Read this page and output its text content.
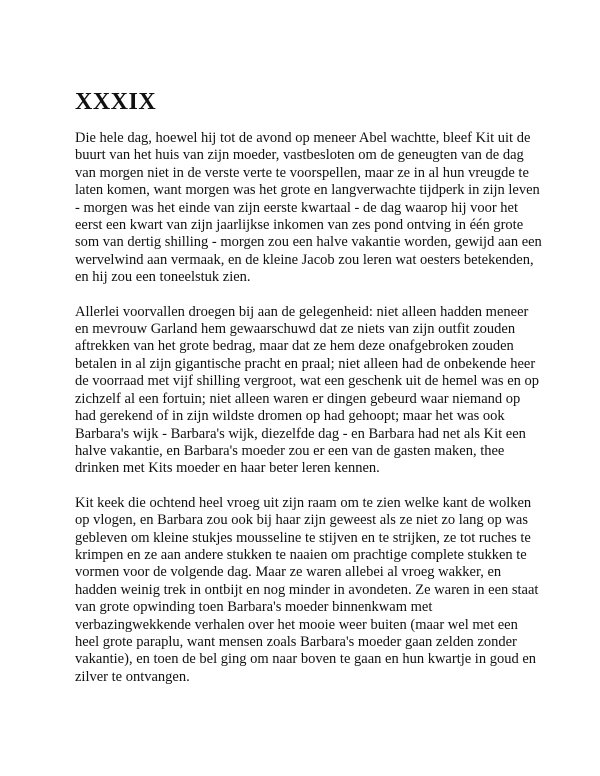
XXXIX

Die hele dag, hoewel hij tot de avond op meneer Abel wachtte, bleef Kit uit de buurt van het huis van zijn moeder, vastbesloten om de geneugten van de dag van morgen niet in de verste verte te voorspellen, maar ze in al hun vreugde te laten komen, want morgen was het grote en langverwachte tijdperk in zijn leven - morgen was het einde van zijn eerste kwartaal - de dag waarop hij voor het eerst een kwart van zijn jaarlijkse inkomen van zes pond ontving in één grote som van dertig shilling - morgen zou een halve vakantie worden, gewijd aan een wervelwind aan vermaak, en de kleine Jacob zou leren wat oesters betekenden, en hij zou een toneelstuk zien.

Allerlei voorvallen droegen bij aan de gelegenheid: niet alleen hadden meneer en mevrouw Garland hem gewaarschuwd dat ze niets van zijn outfit zouden aftrekken van het grote bedrag, maar dat ze hem deze onafgebroken zouden betalen in al zijn gigantische pracht en praal; niet alleen had de onbekende heer de voorraad met vijf shilling vergroot, wat een geschenk uit de hemel was en op zichzelf al een fortuin; niet alleen waren er dingen gebeurd waar niemand op had gerekend of in zijn wildste dromen op had gehoopt; maar het was ook Barbara's wijk - Barbara's wijk, diezelfde dag - en Barbara had net als Kit een halve vakantie, en Barbara's moeder zou er een van de gasten maken, thee drinken met Kits moeder en haar beter leren kennen.

Kit keek die ochtend heel vroeg uit zijn raam om te zien welke kant de wolken op vlogen, en Barbara zou ook bij haar zijn geweest als ze niet zo lang op was gebleven om kleine stukjes mousseline te stijven en te strijken, ze tot ruches te krimpen en ze aan andere stukken te naaien om prachtige complete stukken te vormen voor de volgende dag. Maar ze waren allebei al vroeg wakker, en hadden weinig trek in ontbijt en nog minder in avondeten. Ze waren in een staat van grote opwinding toen Barbara's moeder binnenkwam met verbazingwekkende verhalen over het mooie weer buiten (maar wel met een heel grote paraplu, want mensen zoals Barbara's moeder gaan zelden zonder vakantie), en toen de bel ging om naar boven te gaan en hun kwartje in goud en zilver te ontvangen.
